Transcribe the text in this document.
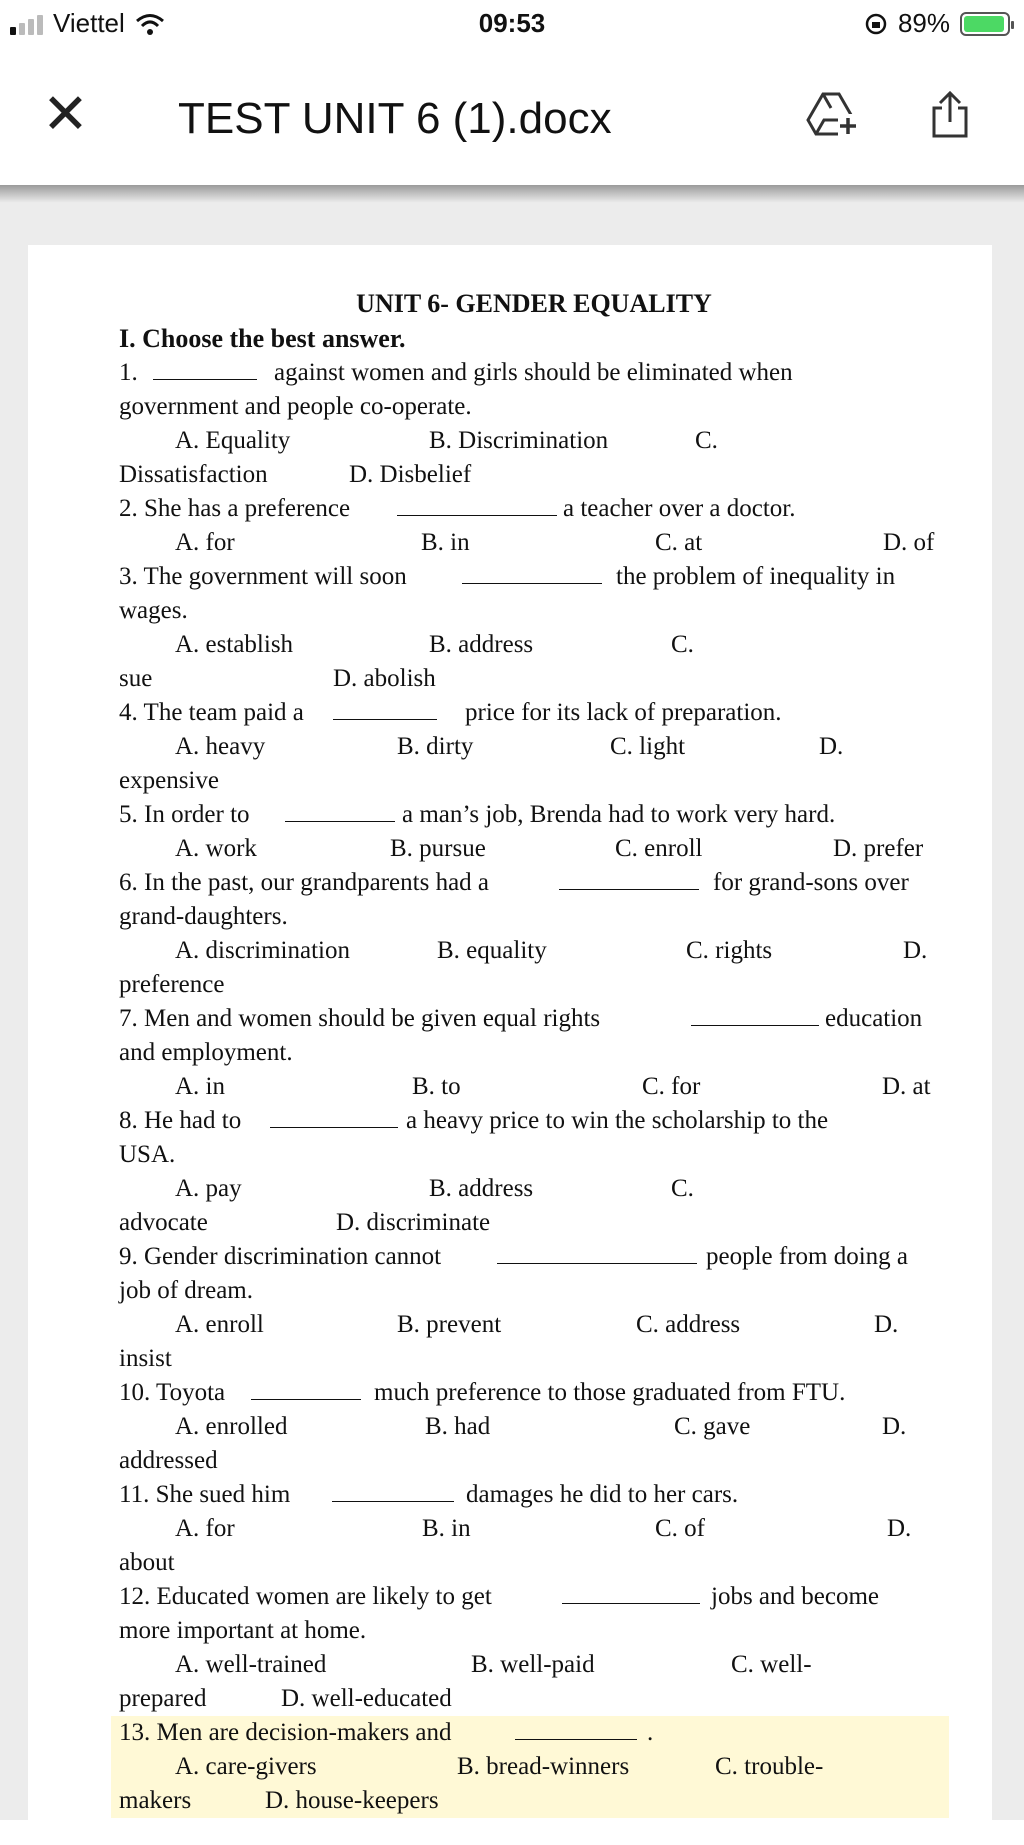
Viettel	09:53	89%
✕ TEST UNIT 6 (1).docx
UNIT 6- GENDER EQUALITY
I. Choose the best answer.
1.	against women and girls should be eliminated when
government and people co-operate.
A. Equality	B. Discrimination	C.
Dissatisfaction	D. Disbelief
2. She has a preference	a teacher over a doctor.
A. for	B. in	C. at	D. of
3. The government will soon	the problem of inequality in
wages.
A. establish	B. address	C.
sue	D. abolish
4. The team paid a	price for its lack of preparation.
A. heavy	B. dirty	C. light	D.
expensive
5. In order to	a man’s job, Brenda had to work very hard.
A. work	B. pursue	C. enroll	D. prefer
6. In the past, our grandparents had a	for grand-sons over
grand-daughters.
A. discrimination	B. equality	C. rights	D.
preference
7. Men and women should be given equal rights	education
and employment.
A. in	B. to	C. for	D. at
8. He had to	a heavy price to win the scholarship to the
USA.
A. pay	B. address	C.
advocate	D. discriminate
9. Gender discrimination cannot	people from doing a
job of dream.
A. enroll	B. prevent	C. address	D.
insist
10. Toyota	much preference to those graduated from FTU.
A. enrolled	B. had	C. gave	D.
addressed
11. She sued him	damages he did to her cars.
A. for	B. in	C. of	D.
about
12. Educated women are likely to get	jobs and become
more important at home.
A. well-trained	B. well-paid	C. well-
prepared	D. well-educated
13. Men are decision-makers and	.
A. care-givers	B. bread-winners	C. trouble-
makers	D. house-keepers
